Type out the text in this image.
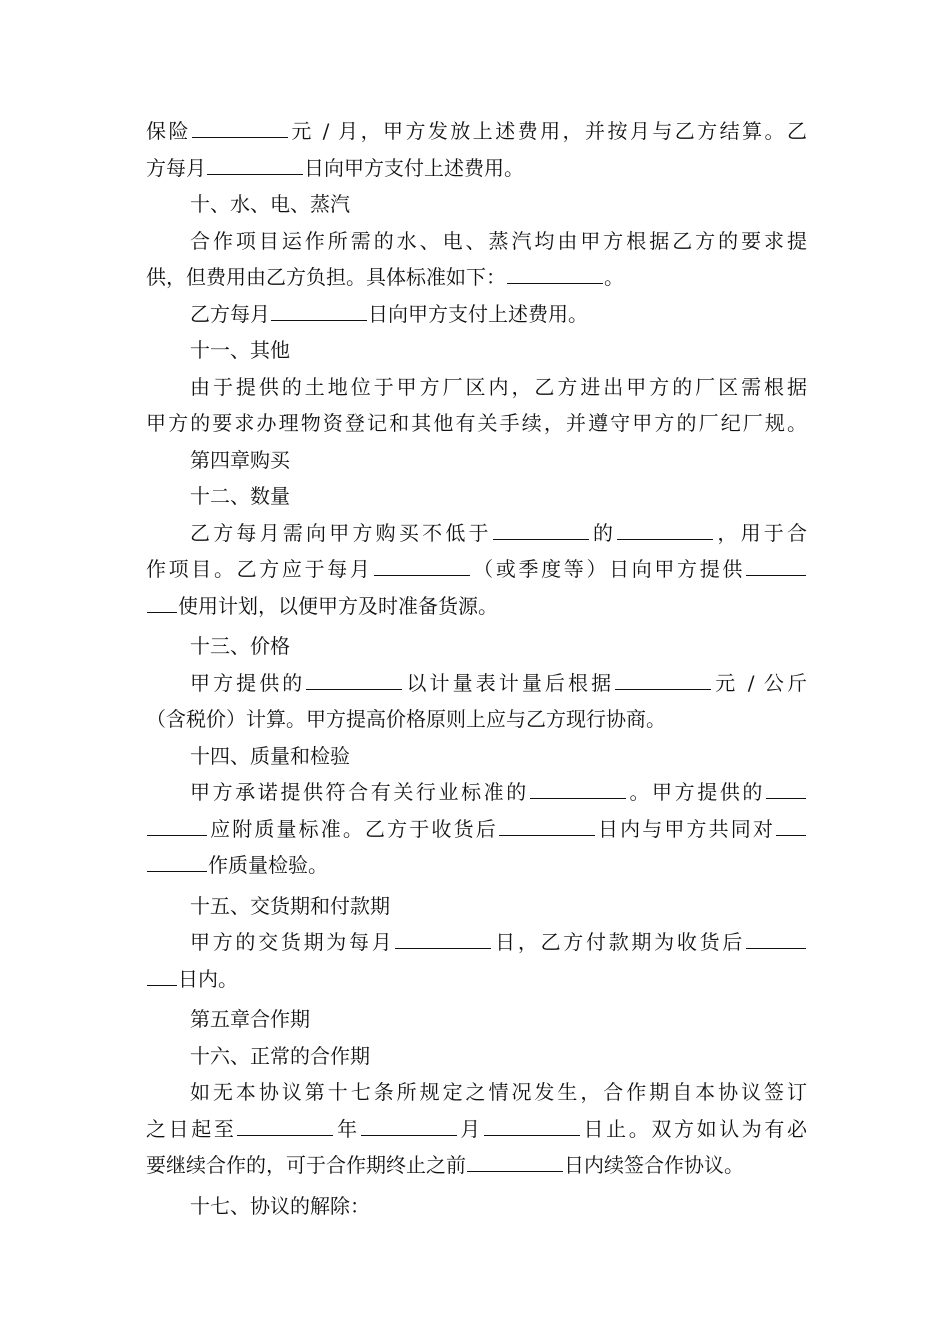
保险	元 / 月，甲方发放上述费用，并按月与乙方结算。乙
方每月	日向甲方支付上述费用。
十、水、电、蒸汽
合作项目运作所需的水、电、蒸汽均由甲方根据乙方的要求提
供，但费用由乙方负担。具体标准如下：	。
乙方每月	日向甲方支付上述费用。
十一、其他
由于提供的土地位于甲方厂区内，乙方进出甲方的厂区需根据
甲方的要求办理物资登记和其他有关手续，并遵守甲方的厂纪厂规。
第四章购买
十二、数量
乙方每月需向甲方购买不低于	的	，用于合
作项目。乙方应于每月	（或季度等）日向甲方提供
使用计划，以便甲方及时准备货源。
十三、价格
甲方提供的	以计量表计量后根据	元 / 公斤
（含税价）计算。甲方提高价格原则上应与乙方现行协商。
十四、质量和检验
甲方承诺提供符合有关行业标准的	。甲方提供的
应附质量标准。乙方于收货后	日内与甲方共同对
作质量检验。
十五、交货期和付款期
甲方的交货期为每月	日，乙方付款期为收货后
日内。
第五章合作期
十六、正常的合作期
如无本协议第十七条所规定之情况发生，合作期自本协议签订
之日起至	年	月	日止。双方如认为有必
要继续合作的，可于合作期终止之前	日内续签合作协议。
十七、协议的解除：
